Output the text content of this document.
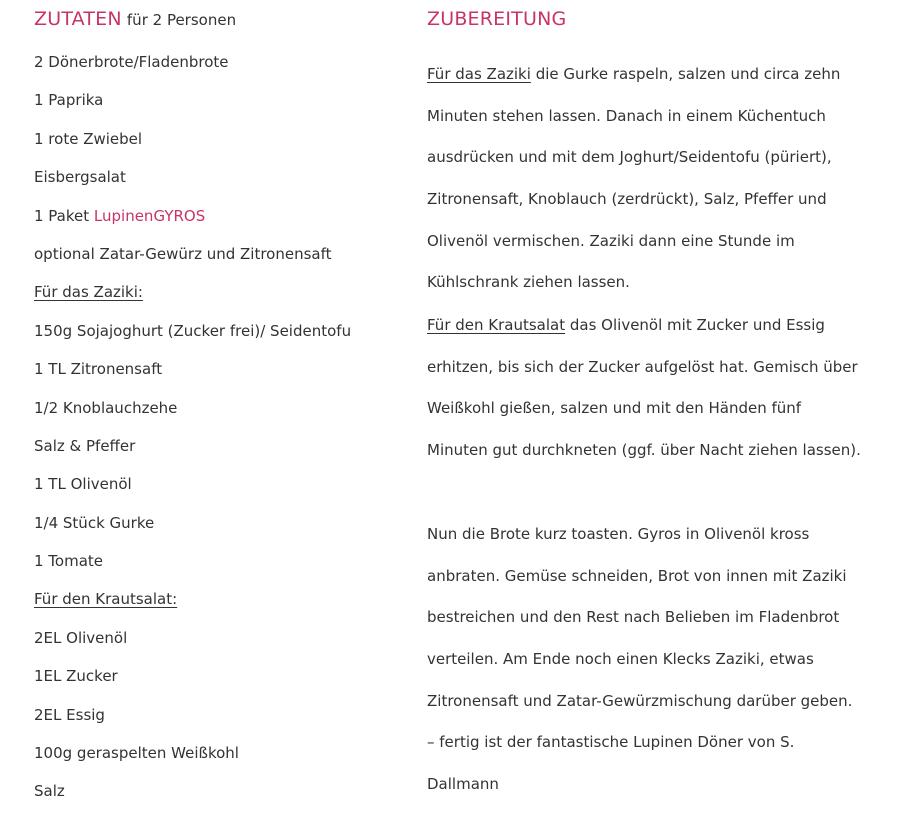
ZUTATEN für 2 Personen
2 Dönerbrote/Fladenbrote
1 Paprika
1 rote Zwiebel
Eisbergsalat
1 Paket LupinenGYROS
optional Zatar-Gewürz und Zitronensaft
Für das Zaziki:
150g Sojajoghurt (Zucker frei)/ Seidentofu
1 TL Zitronensaft
1/2 Knoblauchzehe
Salz & Pfeffer
1 TL Olivenöl
1/4 Stück Gurke
1 Tomate
Für den Krautsalat:
2EL Olivenöl
1EL Zucker
2EL Essig
100g geraspelten Weißkohl
Salz
ZUBEREITUNG
Für das Zaziki die Gurke raspeln, salzen und circa zehn
Minuten stehen lassen. Danach in einem Küchentuch
ausdrücken und mit dem Joghurt/Seidentofu (püriert),
Zitronensaft, Knoblauch (zerdrückt), Salz, Pfeffer und
Olivenöl vermischen. Zaziki dann eine Stunde im
Kühlschrank ziehen lassen.
Für den Krautsalat das Olivenöl mit Zucker und Essig
erhitzen, bis sich der Zucker aufgelöst hat. Gemisch über
Weißkohl gießen, salzen und mit den Händen fünf
Minuten gut durchkneten (ggf. über Nacht ziehen lassen).
Nun die Brote kurz toasten. Gyros in Olivenöl kross
anbraten. Gemüse schneiden, Brot von innen mit Zaziki
bestreichen und den Rest nach Belieben im Fladenbrot
verteilen. Am Ende noch einen Klecks Zaziki, etwas
Zitronensaft und Zatar-Gewürzmischung darüber geben.
– fertig ist der fantastische Lupinen Döner von S.
Dallmann
